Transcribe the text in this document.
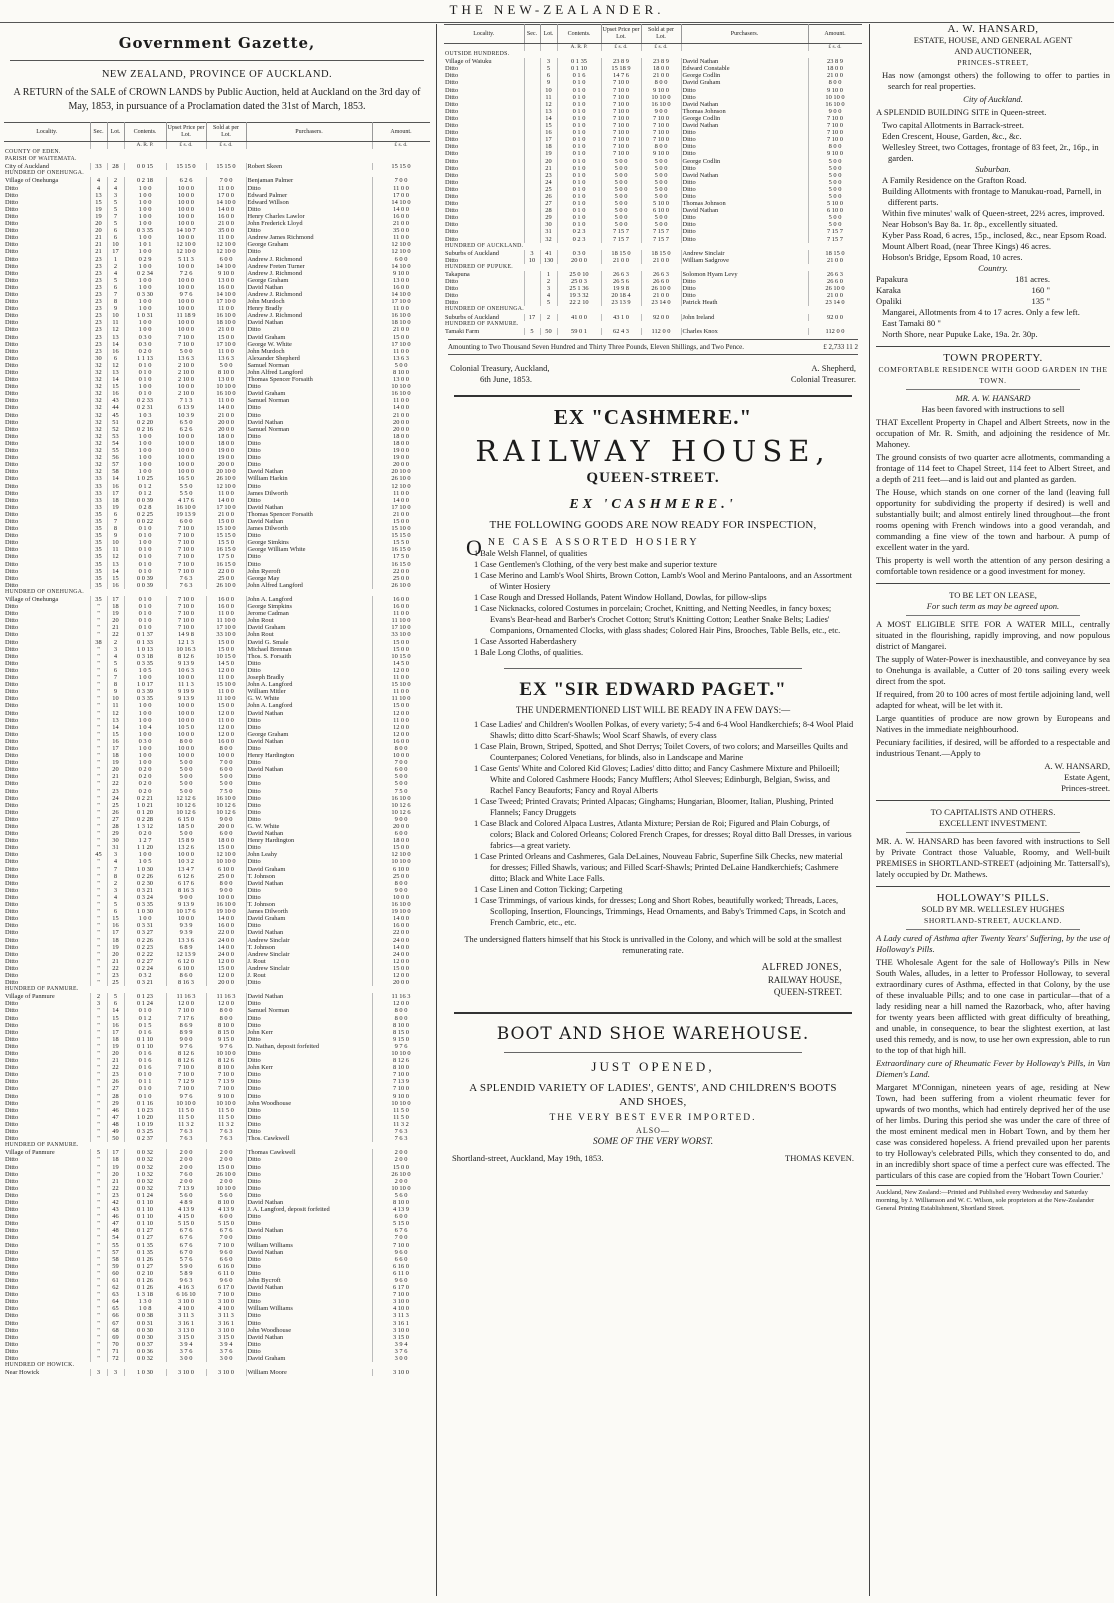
THE NEW-ZEALANDER.
Government Gazette,
NEW ZEALAND, PROVINCE OF AUCKLAND.
A RETURN of the SALE of CROWN LANDS by Public Auction, held at Auckland on the 3rd day of May, 1853, in pursuance of a Proclamation dated the 31st of March, 1853.
Locality.	Sec.	Lot.	Contents.	Upset Price per Lot.	Sold at per Lot.	Purchasers.	Amount.
			A. R. P.	£ s. d.	£ s. d.		£ s. d.
COUNTY OF EDEN.							
PARISH OF WAITEMATA.							
City of Auckland	33	28	0 0 15	15 15 0	15 15 0	Robert Skeen	15 15 0
HUNDRED OF ONEHUNGA.							
Village of Onehunga	4	2	0 2 18	6 2 6	7 0 0	Benjaman Palmer	7 0 0
Ditto	4	4	1 0 0	10 0 0	11 0 0	Ditto	11 0 0
Ditto	13	3	1 0 0	10 0 0	17 0 0	Edward Palmer	17 0 0
Ditto	15	5	1 0 0	10 0 0	14 10 0	Edward Willson	14 10 0
Ditto	19	5	1 0 0	10 0 0	14 0 0	Ditto	14 0 0
Ditto	19	7	1 0 0	10 0 0	16 0 0	Henry Charles Lawlor	16 0 0
Ditto	20	5	1 0 0	10 0 0	21 0 0	John Frederick Lloyd	21 0 0
Ditto	20	6	0 3 35	14 10 7	35 0 0	Ditto	35 0 0
Ditto	21	6	1 0 0	10 0 0	11 0 0	Andrew James Richmond	11 0 0
Ditto	21	10	1 0 1	12 10 0	12 10 0	George Graham	12 10 0
Ditto	21	17	1 0 0	12 10 0	12 10 0	Ditto	12 10 0
Ditto	23	1	0 2 9	5 11 3	6 0 0	Andrew J. Richmond	6 0 0
Ditto	23	2	1 0 0	10 0 0	14 10 0	Andrew Freten Turner	14 10 0
Ditto	23	4	0 2 34	7 2 6	9 10 0	Andrew J. Richmond	9 10 0
Ditto	23	5	1 0 0	10 0 0	13 0 0	George Graham	13 0 0
Ditto	23	6	1 0 0	10 0 0	16 0 0	David Nathan	16 0 0
Ditto	23	7	0 3 30	9 7 6	14 10 0	Andrew J. Richmond	14 10 0
Ditto	23	8	1 0 0	10 0 0	17 10 0	John Murdoch	17 10 0
Ditto	23	9	1 0 0	10 0 0	11 0 0	Henry Bradly	11 0 0
Ditto	23	10	1 0 31	11 18 9	16 10 0	Andrew J. Richmond	16 10 0
Ditto	23	11	1 0 0	10 0 0	18 10 0	David Nathan	18 10 0
Ditto	23	12	1 0 0	10 0 0	21 0 0	Ditto	21 0 0
Ditto	23	13	0 3 0	7 10 0	15 0 0	David Graham	15 0 0
Ditto	23	14	0 3 0	7 10 0	17 10 0	George W. White	17 10 0
Ditto	23	16	0 2 0	5 0 0	11 0 0	John Murdoch	11 0 0
Ditto	30	6	1 1 13	13 6 3	13 6 3	Alexander Shepherd	13 6 3
Ditto	32	12	0 1 0	2 10 0	5 0 0	Samuel Norman	5 0 0
Ditto	32	13	0 1 0	2 10 0	8 10 0	John Alfred Langford	8 10 0
Ditto	32	14	0 1 0	2 10 0	13 0 0	Thomas Spencer Forsaith	13 0 0
Ditto	32	15	1 0 0	10 0 0	10 10 0	Ditto	10 10 0
Ditto	32	16	0 1 0	2 10 0	16 10 0	David Graham	16 10 0
Ditto	32	43	0 2 33	7 1 3	11 0 0	Samuel Norman	11 0 0
Ditto	32	44	0 2 31	6 13 9	14 0 0	Ditto	14 0 0
Ditto	32	45	1 0 3	10 3 9	21 0 0	Ditto	21 0 0
Ditto	32	51	0 2 20	6 5 0	20 0 0	David Nathan	20 0 0
Ditto	32	52	0 2 16	6 2 6	20 0 0	Samuel Norman	20 0 0
Ditto	32	53	1 0 0	10 0 0	18 0 0	Ditto	18 0 0
Ditto	32	54	1 0 0	10 0 0	18 0 0	Ditto	18 0 0
Ditto	32	55	1 0 0	10 0 0	19 0 0	Ditto	19 0 0
Ditto	32	56	1 0 0	10 0 0	19 0 0	Ditto	19 0 0
Ditto	32	57	1 0 0	10 0 0	20 0 0	Ditto	20 0 0
Ditto	32	58	1 0 0	10 0 0	20 10 0	David Nathan	20 10 0
Ditto	33	14	1 0 25	16 5 0	26 10 0	William Harkin	26 10 0
Ditto	33	16	0 1 2	5 5 0	12 10 0	Ditto	12 10 0
Ditto	33	17	0 1 2	5 5 0	11 0 0	James Dilworth	11 0 0
Ditto	33	18	0 0 39	4 17 6	14 0 0	Ditto	14 0 0
Ditto	33	19	0 2 8	16 10 0	17 10 0	David Nathan	17 10 0
Ditto	35	6	0 2 25	19 13 9	21 0 0	Thomas Spencer Forsaith	21 0 0
Ditto	35	7	0 0 22	6 0 0	15 0 0	David Nathan	15 0 0
Ditto	35	8	0 1 0	7 10 0	15 10 0	James Dilworth	15 10 0
Ditto	35	9	0 1 0	7 10 0	15 15 0	Ditto	15 15 0
Ditto	35	10	1 0 0	7 10 0	15 5 0	George Simkins	15 5 0
Ditto	35	11	0 1 0	7 10 0	16 15 0	George William White	16 15 0
Ditto	35	12	0 1 0	7 10 0	17 5 0	Ditto	17 5 0
Ditto	35	13	0 1 0	7 10 0	16 15 0	Ditto	16 15 0
Ditto	35	14	0 1 0	7 10 0	22 0 0	John Ryeroft	22 0 0
Ditto	35	15	0 0 39	7 6 3	25 0 0	George May	25 0 0
Ditto	35	16	0 0 39	7 6 3	26 10 0	John Alfred Langford	26 10 0
HUNDRED OF ONEHUNGA.							
Village of Onehunga	35	17	0 1 0	7 10 0	16 0 0	John A. Langford	16 0 0
Ditto	"	18	0 1 0	7 10 0	16 0 0	George Simpkins	16 0 0
Ditto	"	19	0 1 0	7 10 0	11 0 0	Jerome Cadman	11 0 0
Ditto	"	20	0 1 0	7 10 0	11 10 0	John Rout	11 10 0
Ditto	"	21	0 1 0	7 10 0	17 10 0	David Graham	17 10 0
Ditto	"	22	0 1 37	14 9 8	33 10 0	John Rout	33 10 0
Ditto	38	2	0 1 33	12 1 3	15 0 0	David G. Smale	15 0 0
Ditto	"	3	1 0 13	10 16 3	15 0 0	Michael Brennan	15 0 0
Ditto	"	4	0 3 18	8 12 6	10 15 0	Thos. S. Forsaith	10 15 0
Ditto	"	5	0 3 35	9 13 9	14 5 0	Ditto	14 5 0
Ditto	"	6	1 0 5	10 6 3	12 0 0	Ditto	12 0 0
Ditto	"	7	1 0 0	10 0 0	11 0 0	Joseph Bradly	11 0 0
Ditto	"	8	1 0 17	11 1 3	15 10 0	John A. Langford	15 10 0
Ditto	"	9	0 3 39	9 19 9	11 0 0	William Mitler	11 0 0
Ditto	"	10	0 3 35	9 13 9	11 10 0	G. W. White	11 10 0
Ditto	"	11	1 0 0	10 0 0	15 0 0	John A. Langford	15 0 0
Ditto	"	12	1 0 0	10 0 0	12 0 0	David Nathan	12 0 0
Ditto	"	13	1 0 0	10 0 0	11 0 0	Ditto	11 0 0
Ditto	"	14	1 0 4	10 5 0	12 0 0	Ditto	12 0 0
Ditto	"	15	1 0 0	10 0 0	12 0 0	George Graham	12 0 0
Ditto	"	16	0 3 0	8 0 0	16 0 0	David Nathan	16 0 0
Ditto	"	17	1 0 0	10 0 0	8 0 0	Ditto	8 0 0
Ditto	"	18	1 0 0	10 0 0	10 0 0	Henry Hardington	10 0 0
Ditto	"	19	1 0 0	5 0 0	7 0 0	Ditto	7 0 0
Ditto	"	20	0 2 0	5 0 0	6 0 0	David Nathan	6 0 0
Ditto	"	21	0 2 0	5 0 0	5 0 0	Ditto	5 0 0
Ditto	"	22	0 2 0	5 0 0	5 0 0	Ditto	5 0 0
Ditto	"	23	0 2 0	5 0 0	7 5 0	Ditto	7 5 0
Ditto	"	24	0 2 21	12 12 6	16 10 0	Ditto	16 10 0
Ditto	"	25	1 0 21	10 12 6	10 12 6	Ditto	10 12 6
Ditto	"	26	0 1 20	10 12 6	10 12 6	Ditto	10 12 6
Ditto	"	27	0 2 28	6 15 0	9 0 0	Ditto	9 0 0
Ditto	"	28	1 3 12	18 5 0	20 0 0	G. W. White	20 0 0
Ditto	"	29	0 2 0	5 0 0	6 0 0	David Nathan	6 0 0
Ditto	"	30	1 2 7	15 8 9	18 0 0	Henry Hardington	18 0 0
Ditto	"	31	1 1 20	13 2 6	15 0 0	Ditto	15 0 0
Ditto	45	3	1 0 0	10 0 0	12 10 0	John Leahy	12 10 0
Ditto	"	4	1 0 5	10 3 2	10 10 0	Ditto	10 10 0
Ditto	"	7	1 0 30	13 4 7	6 10 0	David Graham	6 10 0
Ditto	"	8	0 2 26	6 12 6	25 0 0	T. Johnson	25 0 0
Ditto	"	2	0 2 30	6 17 6	8 0 0	David Nathan	8 0 0
Ditto	"	3	0 3 21	8 16 3	9 0 0	Ditto	9 0 0
Ditto	"	4	0 3 24	9 0 0	10 0 0	Ditto	10 0 0
Ditto	"	5	0 3 35	9 13 9	16 10 0	T. Johnson	16 10 0
Ditto	"	6	1 0 30	10 17 6	19 10 0	James Dilworth	19 10 0
Ditto	"	15	1 0 0	10 0 0	14 0 0	David Graham	14 0 0
Ditto	"	16	0 3 31	9 3 9	16 0 0	Ditto	16 0 0
Ditto	"	17	0 3 27	9 3 9	22 0 0	David Nathan	22 0 0
Ditto	"	18	0 2 26	13 3 6	24 0 0	Andrew Sinclair	24 0 0
Ditto	"	19	0 2 23	6 8 9	14 0 0	T. Johnson	14 0 0
Ditto	"	20	0 2 22	12 13 9	24 0 0	Andrew Sinclair	24 0 0
Ditto	"	21	0 2 27	6 12 0	12 0 0	J. Rout	12 0 0
Ditto	"	22	0 2 24	6 10 0	15 0 0	Andrew Sinclair	15 0 0
Ditto	"	23	0 3 2	8 6 0	12 0 0	J. Rout	12 0 0
Ditto	"	25	0 3 21	8 16 3	20 0 0	Ditto	20 0 0
HUNDRED OF PANMURE.							
Village of Panmure	2	5	0 1 23	11 16 3	11 16 3	David Nathan	11 16 3
Ditto	3	6	0 1 24	12 0 0	12 0 0	Ditto	12 0 0
Ditto	"	14	0 1 0	7 10 0	8 0 0	Samuel Norman	8 0 0
Ditto	"	15	0 1 2	7 17 6	8 0 0	Ditto	8 0 0
Ditto	"	16	0 1 5	8 6 9	8 10 0	Ditto	8 10 0
Ditto	"	17	0 1 6	8 9 9	8 15 0	John Kerr	8 15 0
Ditto	"	18	0 1 10	9 0 0	9 15 0	Ditto	9 15 0
Ditto	"	19	0 1 10	9 7 6	9 7 6	D. Nathan, deposit forfeited	9 7 6
Ditto	"	20	0 1 6	8 12 6	10 10 0	Ditto	10 10 0
Ditto	"	21	0 1 6	8 12 6	8 12 6	Ditto	8 12 6
Ditto	"	22	0 1 6	7 10 0	8 10 0	John Kerr	8 10 0
Ditto	"	23	0 1 0	7 10 0	7 10 0	Ditto	7 10 0
Ditto	"	26	0 1 1	7 12 9	7 13 9	Ditto	7 13 9
Ditto	"	27	0 1 0	7 10 0	7 10 0	Ditto	7 10 0
Ditto	"	28	0 1 0	9 7 6	9 10 0	Ditto	9 10 0
Ditto	"	29	0 1 16	10 10 0	10 10 0	John Woodhouse	10 10 0
Ditto	"	46	1 0 23	11 5 0	11 5 0	Ditto	11 5 0
Ditto	"	47	1 0 20	11 5 0	11 5 0	Ditto	11 5 0
Ditto	"	48	1 0 19	11 3 2	11 3 2	Ditto	11 3 2
Ditto	"	49	0 3 25	7 6 3	7 6 3	Ditto	7 6 3
Ditto	"	50	0 2 37	7 6 3	7 6 3	Thos. Cawkwell	7 6 3
HUNDRED OF PANMURE.							
Village of Panmure	5	17	0 0 32	2 0 0	2 0 0	Thomas Cawkwell	2 0 0
Ditto	"	18	0 0 32	2 0 0	2 0 0	Ditto	2 0 0
Ditto	"	19	0 0 32	2 0 0	15 0 0	Ditto	15 0 0
Ditto	"	20	1 0 32	7 6 0	26 10 0	Ditto	26 10 0
Ditto	"	21	0 0 32	2 0 0	2 0 0	Ditto	2 0 0
Ditto	"	22	0 0 32	7 13 9	10 10 0	Ditto	10 10 0
Ditto	"	23	0 1 24	5 6 0	5 6 0	Ditto	5 6 0
Ditto	"	42	0 1 10	4 8 9	8 10 0	David Nathan	8 10 0
Ditto	"	43	0 1 10	4 13 9	4 13 9	J. A. Langford, deposit forfeited	4 13 9
Ditto	"	46	0 1 10	4 15 0	6 0 0	Ditto	6 0 0
Ditto	"	47	0 1 10	5 15 0	5 15 0	Ditto	5 15 0
Ditto	"	48	0 1 27	6 7 6	6 7 6	David Nathan	6 7 6
Ditto	"	54	0 1 27	6 7 6	7 0 0	Ditto	7 0 0
Ditto	"	55	0 1 35	6 7 6	7 10 0	William Williams	7 10 0
Ditto	"	57	0 1 35	6 7 0	9 6 0	David Nathan	9 6 0
Ditto	"	58	0 1 26	5 7 6	6 6 0	Ditto	6 6 0
Ditto	"	59	0 1 27	5 9 0	6 16 0	Ditto	6 16 0
Ditto	"	60	0 2 10	5 8 9	6 11 0	Ditto	6 11 0
Ditto	"	61	0 1 26	9 6 3	9 6 0	John Bycroft	9 6 0
Ditto	"	62	0 1 26	4 16 3	6 17 0	David Nathan	6 17 0
Ditto	"	63	1 3 18	6 16 10	7 10 0	Ditto	7 10 0
Ditto	"	64	1 3 0	3 10 0	3 10 0	Ditto	3 10 0
Ditto	"	65	1 0 8	4 10 0	4 10 0	William Williams	4 10 0
Ditto	"	66	0 0 38	3 11 3	3 11 3	Ditto	3 11 3
Ditto	"	67	0 0 31	3 16 1	3 16 1	Ditto	3 16 1
Ditto	"	68	0 0 30	3 13 0	3 10 0	John Woodhouse	3 10 0
Ditto	"	69	0 0 30	3 15 0	3 15 0	David Nathan	3 15 0
Ditto	"	70	0 0 37	3 9 4	3 9 4	Ditto	3 9 4
Ditto	"	71	0 0 36	3 7 6	3 7 6	Ditto	3 7 6
Ditto	"	72	0 0 32	3 0 0	3 0 0	David Graham	3 0 0
HUNDRED OF HOWICK.							
Near Howick	3	3	1 0 30	3 10 0	3 10 0	William Moore	3 10 0
Locality.	Sec.	Lot.	Contents.	Upset Price per Lot.	Sold at per Lot.	Purchasers.	Amount.
			A. R. P.	£ s. d.	£ s. d.		£ s. d.
OUTSIDE HUNDREDS.							
Village of Waiuku		3	0 1 35	23 8 9	23 8 9	David Nathan	23 8 9
Ditto		5	0 1 10	15 18 9	18 0 0	Edward Constable	18 0 0
Ditto		6	0 1 6	14 7 6	21 0 0	George Codlin	21 0 0
Ditto		9	0 1 0	7 10 0	8 0 0	David Graham	8 0 0
Ditto		10	0 1 0	7 10 0	9 10 0	Ditto	9 10 0
Ditto		11	0 1 0	7 10 0	10 10 0	Ditto	10 10 0
Ditto		12	0 1 0	7 10 0	16 10 0	David Nathan	16 10 0
Ditto		13	0 1 0	7 10 0	9 0 0	Thomas Johnson	9 0 0
Ditto		14	0 1 0	7 10 0	7 10 0	George Codlin	7 10 0
Ditto		15	0 1 0	7 10 0	7 10 0	David Nathan	7 10 0
Ditto		16	0 1 0	7 10 0	7 10 0	Ditto	7 10 0
Ditto		17	0 1 0	7 10 0	7 10 0	Ditto	7 10 0
Ditto		18	0 1 0	7 10 0	8 0 0	Ditto	8 0 0
Ditto		19	0 1 0	7 10 0	9 10 0	Ditto	9 10 0
Ditto		20	0 1 0	5 0 0	5 0 0	George Codlin	5 0 0
Ditto		21	0 1 0	5 0 0	5 0 0	Ditto	5 0 0
Ditto		23	0 1 0	5 0 0	5 0 0	David Nathan	5 0 0
Ditto		24	0 1 0	5 0 0	5 0 0	Ditto	5 0 0
Ditto		25	0 1 0	5 0 0	5 0 0	Ditto	5 0 0
Ditto		26	0 1 0	5 0 0	5 0 0	Ditto	5 0 0
Ditto		27	0 1 0	5 0 0	5 10 0	Thomas Johnson	5 10 0
Ditto		28	0 1 0	5 0 0	6 10 0	David Nathan	6 10 0
Ditto		29	0 1 0	5 0 0	5 0 0	Ditto	5 0 0
Ditto		30	0 1 0	5 0 0	5 0 0	Ditto	5 0 0
Ditto		31	0 2 3	7 15 7	7 15 7	Ditto	7 15 7
Ditto		32	0 2 3	7 15 7	7 15 7	Ditto	7 15 7
HUNDRED OF AUCKLAND.							
Suburbs of Auckland	3	41	0 3 0	18 15 0	18 15 0	Andrew Sinclair	18 15 0
Ditto	10	130	20 0 0	21 0 0	21 0 0	William Sadgrove	21 0 0
HUNDRED OF PUPUKE.							
Takapuna		1	25 0 10	26 6 3	26 6 3	Solomon Hyam Levy	26 6 3
Ditto		2	25 0 3	26 5 6	26 6 0	Ditto	26 6 0
Ditto		3	25 1 36	19 9 8	26 10 0	Ditto	26 10 0
Ditto		4	19 3 32	20 18 4	21 0 0	Ditto	21 0 0
Ditto		5	22 2 10	23 13 9	23 14 0	Patrick Heath	23 14 0
HUNDRED OF ONEHUNGA.							
Suburbs of Auckland	17	2	41 0 0	43 1 0	92 0 0	John Ireland	92 0 0
HUNDRED OF PANMURE.							
Tamaki Farm	5	50	59 0 1	62 4 3	112 0 0	Charles Knox	112 0 0
Amounting to Two Thousand Seven Hundred and Thirty Three Pounds, Eleven Shillings, and Two Pence.	£ 2,733 11 2
Colonial Treasury, Auckland,
6th June, 1853.
A. Shepherd,
Colonial Treasurer.
EX "CASHMERE."
RAILWAY HOUSE,
QUEEN-STREET.
EX 'CASHMERE.'
THE FOLLOWING GOODS ARE NOW READY FOR INSPECTION,
O NE CASE ASSORTED HOSIERY
1 Bale Welsh Flannel, of qualities
1 Case Gentlemen's Clothing, of the very best make and superior texture
1 Case Merino and Lamb's Wool Shirts, Brown Cotton, Lamb's Wool and Merino Pantaloons, and an Assortment of Winter Hosiery
1 Case Rough and Dressed Hollands, Patent Window Holland, Dowlas, for pillow-slips
1 Case Nicknacks, colored Costumes in porcelain; Crochet, Knitting, and Netting Needles, in fancy boxes; Evans's Bear-head and Barber's Crochet Cotton; Strut's Knitting Cotton; Leather Snake Belts; Ladies' Companions, Ornamented Clocks, with glass shades; Colored Hair Pins, Brooches, Table Bells, etc., etc.
1 Case Assorted Haberdashery
1 Bale Long Cloths, of qualities.
EX "SIR EDWARD PAGET."
THE UNDERMENTIONED LIST WILL BE READY IN A FEW DAYS:—
1 Case Ladies' and Children's Woollen Polkas, of every variety; 5-4 and 6-4 Wool Handkerchiefs; 8-4 Wool Plaid Shawls; ditto ditto Scarf-Shawls; Wool Scarf Shawls, of every class
1 Case Plain, Brown, Striped, Spotted, and Shot Derrys; Toilet Covers, of two colors; and Marseilles Quilts and Counterpanes; Colored Venetians, for blinds, also in Landscape and Marine
1 Case Gents' White and Colored Kid Gloves; Ladies' ditto ditto; and Fancy Cashmere Mixture and Philoeill; White and Colored Cashmere Hoods; Fancy Mufflers; Athol Sleeves; Edinburgh, Belgian, Swiss, and Rachel Fancy Beauforts; Fancy and Royal Alberts
1 Case Tweed; Printed Cravats; Printed Alpacas; Ginghams; Hungarian, Bloomer, Italian, Plushing, Printed Flannels; Fancy Druggets
1 Case Black and Colored Alpaca Lustres, Atlanta Mixture; Persian de Roi; Figured and Plain Coburgs, of colors; Black and Colored Orleans; Colored French Crapes, for dresses; Royal ditto Ball Dresses, in various fabrics—a great variety.
1 Case Printed Orleans and Cashmeres, Gala DeLaines, Nouveau Fabric, Superfine Silk Checks, new material for dresses; Filled Shawls, various; and Filled Scarf-Shawls; Printed DeLaine Handkerchiefs; Cashmere ditto; Black and White Lace Falls.
1 Case Linen and Cotton Ticking; Carpeting
1 Case Trimmings, of various kinds, for dresses; Long and Short Robes, beautifully worked; Threads, Laces, Scolloping, Insertion, Flouncings, Trimmings, Head Ornaments, and Baby's Trimmed Caps, in Scotch and French Cambric, etc., etc.
The undersigned flatters himself that his Stock is unrivalled in the Colony, and which will be sold at the smallest remunerating rate.
ALFRED JONES,
RAILWAY HOUSE,
QUEEN-STREET.
BOOT AND SHOE WAREHOUSE.
JUST OPENED,
A SPLENDID VARIETY OF LADIES', GENTS', AND CHILDREN'S BOOTS AND SHOES,
THE VERY BEST EVER IMPORTED.
ALSO—
SOME OF THE VERY WORST.
Shortland-street, Auckland, May 19th, 1853.	THOMAS KEVEN.
A. W. HANSARD,
ESTATE, HOUSE, AND GENERAL AGENT
AND AUCTIONEER,
PRINCES-STREET,

Has now (amongst others) the following to offer to parties in search for real properties.

City of Auckland.

A SPLENDID BUILDING SITE in Queen-street.

Two capital Allotments in Barrack-street.
Eden Crescent, House, Garden, &c., &c.
Wellesley Street, two Cottages, frontage of 83 feet, 2r., 16p., in garden.
Suburban.
A Family Residence on the Grafton Road.
Building Allotments with frontage to Manukau-road, Parnell, in different parts.
Within five minutes' walk of Queen-street, 22½ acres, improved.
Near Hobson's Bay 8a. 1r. 8p., excellently situated.
Kyber Pass Road, 6 acres, 15p., inclosed, &c., near Epsom Road.
Mount Albert Road, (near Three Kings) 46 acres.
Hobson's Bridge, Epsom Road, 10 acres.
Country.
Papakura	181 acres.
Karaka	160 "
Opaliki	135 "
Mangarei, Allotments from 4 to 17 acres. Only a few left.
East Tamaki 80 "
North Shore, near Pupuke Lake, 19a. 2r. 30p.
TOWN PROPERTY.
COMFORTABLE RESIDENCE WITH GOOD GARDEN IN THE TOWN.
MR. A. W. HANSARD
Has been favored with instructions to sell

THAT Excellent Property in Chapel and Albert Streets, now in the occupation of Mr. R. Smith, and adjoining the residence of Mr. Mahoney.

The ground consists of two quarter acre allotments, commanding a frontage of 114 feet to Chapel Street, 114 feet to Albert Street, and a depth of 211 feet—and is laid out and planted as garden.

The House, which stands on one corner of the land (leaving full opportunity for subdividing the property if desired) is well and substantially built; and almost entirely lined throughout—the front rooms opening with French windows into a good verandah, and commanding a fine view of the town and harbour. A pump of excellent water in the yard.

This property is well worth the attention of any person desiring a comfortable town residence or a good investment for money.

TO BE LET ON LEASE,
For such term as may be agreed upon.

A MOST ELIGIBLE SITE FOR A WATER MILL, centrally situated in the flourishing, rapidly improving, and now populous district of Mangarei.

The supply of Water-Power is inexhaustible, and conveyance by sea to Onehunga is available, a Cutter of 20 tons sailing every week direct from the spot.

If required, from 20 to 100 acres of most fertile adjoining land, well adapted for wheat, will be let with it.

Large quantities of produce are now grown by Europeans and Natives in the immediate neighbourhood.

Pecuniary facilities, if desired, will be afforded to a respectable and industrious Tenant.—Apply to

A. W. HANSARD,
Estate Agent,
Princes-street.
TO CAPITALISTS AND OTHERS.
EXCELLENT INVESTMENT.

MR. A. W. HANSARD has been favored with instructions to Sell by Private Contract those Valuable, Roomy, and Well-built PREMISES in SHORTLAND-STREET (adjoining Mr. Tattersall's), lately occupied by Dr. Mathews.

HOLLOWAY'S PILLS.
SOLD BY MR. WELLESLEY HUGHES
SHORTLAND-STREET, AUCKLAND.

A Lady cured of Asthma after Twenty Years' Suffering, by the use of Holloway's Pills.

THE Wholesale Agent for the sale of Holloway's Pills in New South Wales, alludes, in a letter to Professor Holloway, to several extraordinary cures of Asthma, effected in that Colony, by the use of these invaluable Pills; and to one case in particular—that of a lady residing near a hill named the Razorback, who, after having for twenty years been afflicted with great difficulty of breathing, and unable, in consequence, to bear the slightest exertion, at last used this remedy, and is now, to use her own expression, able to run to the top of that high hill.

Extraordinary cure of Rheumatic Fever by Holloway's Pills, in Van Diemen's Land.

Margaret M'Connigan, nineteen years of age, residing at New Town, had been suffering from a violent rheumatic fever for upwards of two months, which had entirely deprived her of the use of her limbs. During this period she was under the care of three of the most eminent medical men in Hobart Town, and by them her case was considered hopeless. A friend prevailed upon her parents to try Holloway's celebrated Pills, which they consented to do, and in an incredibly short space of time a perfect cure was effected. The particulars of this case are copied from the 'Hobart Town Courier.'

Auckland, New Zealand:—Printed and Published every Wednesday and Saturday morning, by J. Williamson and W. C. Wilson, sole proprietors at the New-Zealander General Printing Establishment, Shortland Street.
